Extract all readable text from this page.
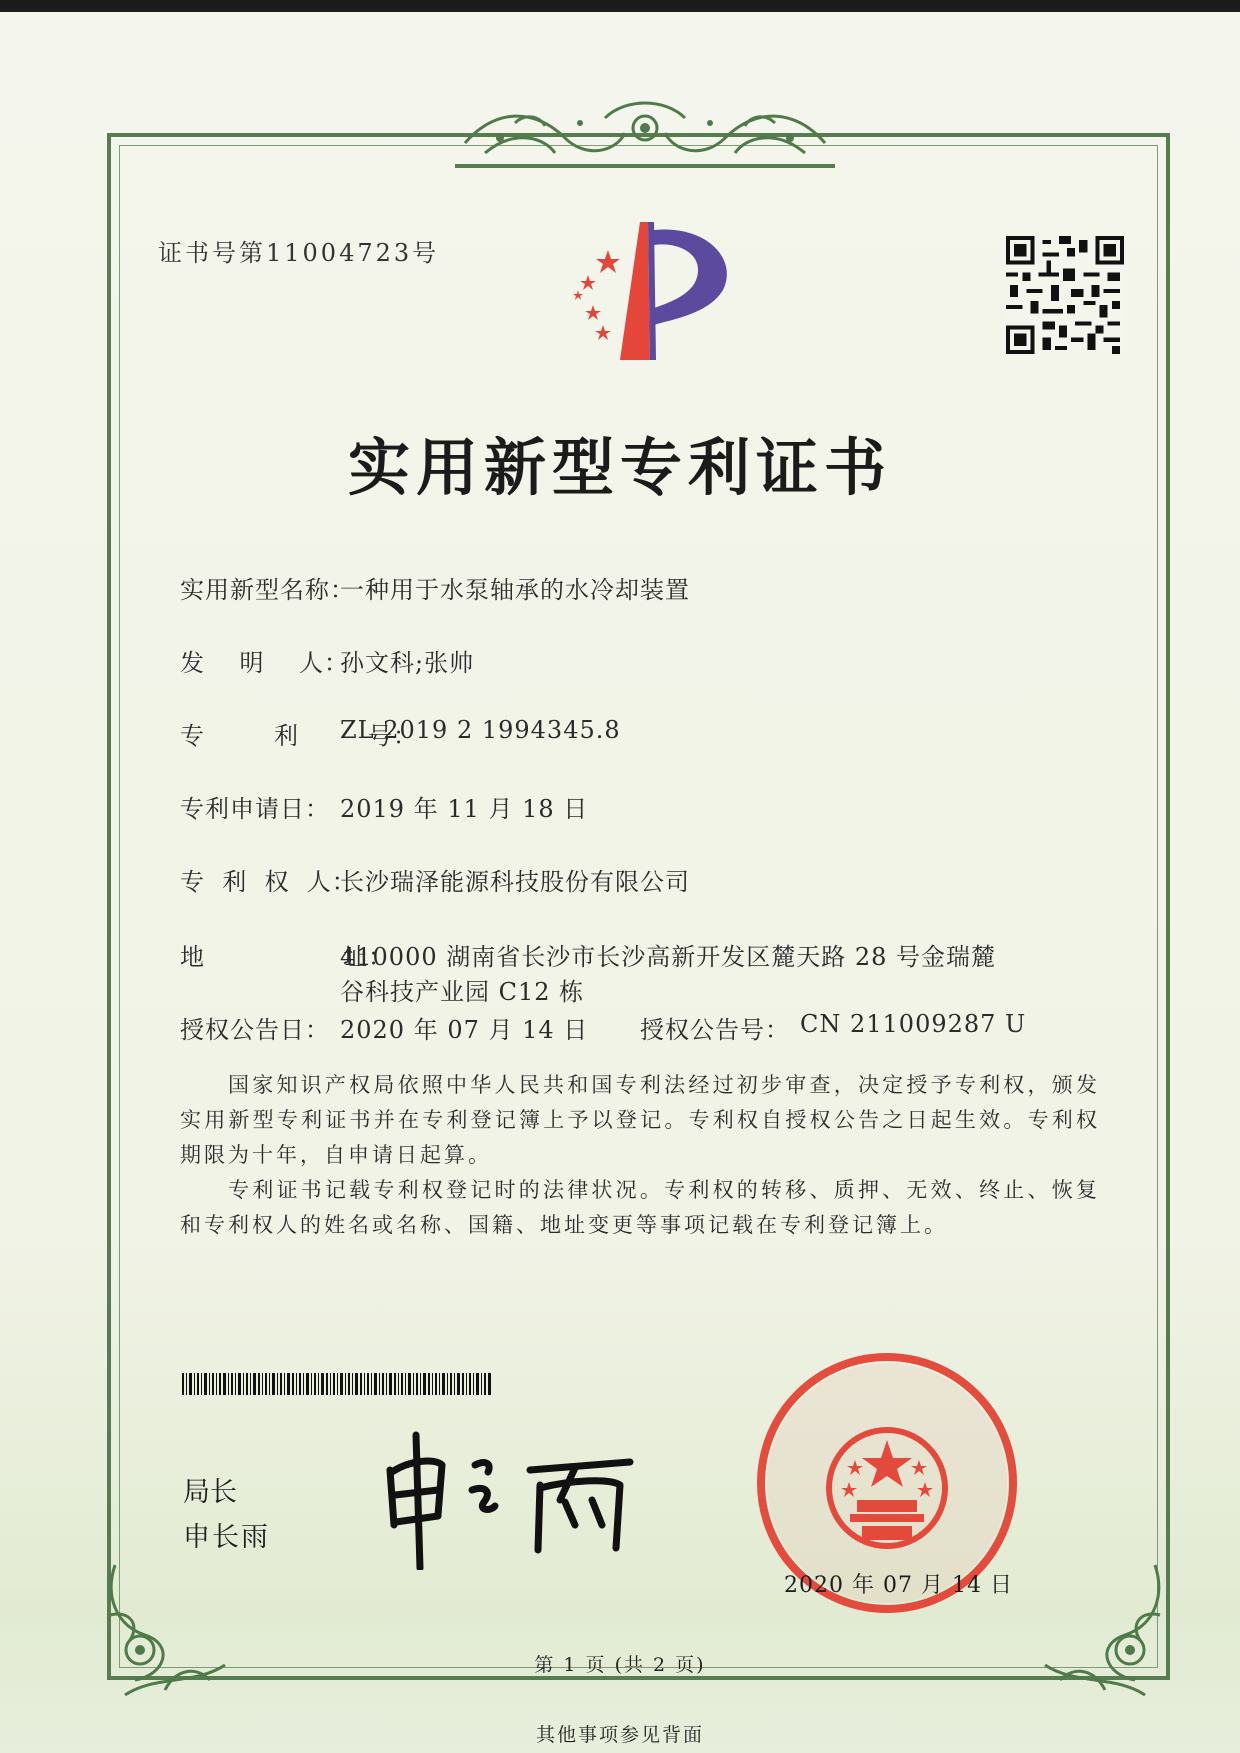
证书号第11004723号
实用新型专利证书
实用新型名称：
一种用于水泵轴承的水冷却装置
发    明    人：
孙文科;张帅
专        利        号：
ZL 2019 2 1994345.8
专利申请日： 2019 年 11 月 18 日
专  利  权  人：
长沙瑞泽能源科技股份有限公司
地                址：
410000 湖南省长沙市长沙高新开发区麓天路 28 号金瑞麓
谷科技产业园 C12 栋
授权公告日： 2020 年 07 月 14 日 授权公告号： CN 211009287 U

国家知识产权局依照中华人民共和国专利法经过初步审查，决定授予专利权，颁发实用新型专利证书并在专利登记簿上予以登记。专利权自授权公告之日起生效。专利权期限为十年，自申请日起算。

专利证书记载专利权登记时的法律状况。专利权的转移、质押、无效、终止、恢复和专利权人的姓名或名称、国籍、地址变更等事项记载在专利登记簿上。

局长
申长雨
2020 年 07 月 14 日
第 1 页 (共 2 页)
其他事项参见背面
